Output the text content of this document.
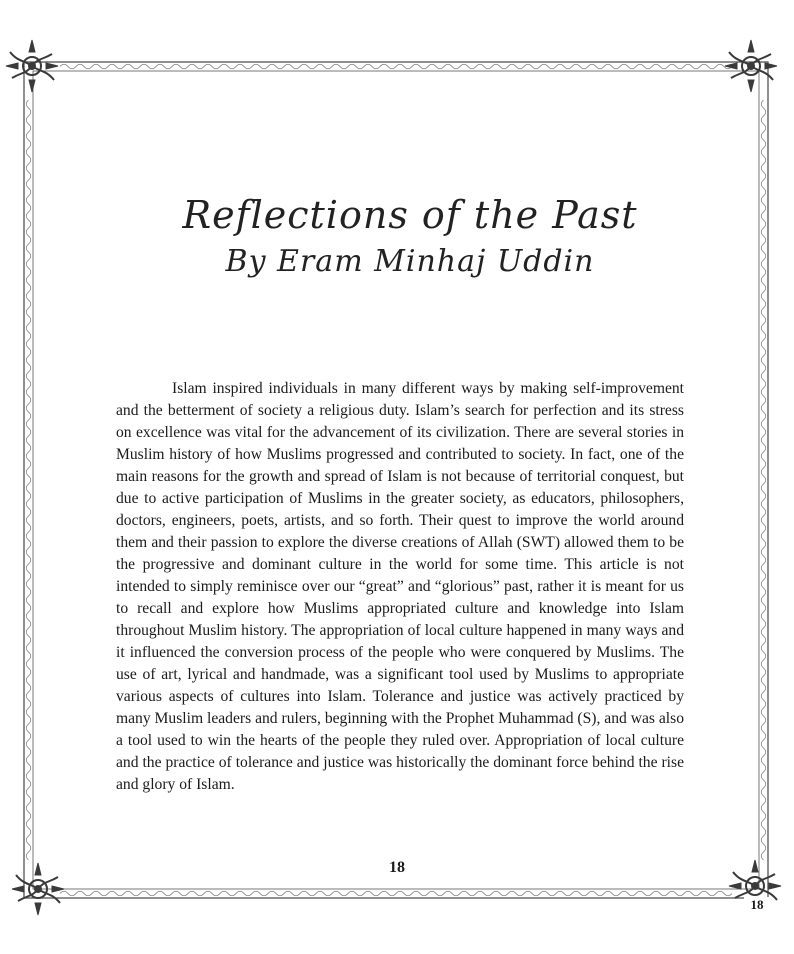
Reflections of the Past

By Eram Minhaj Uddin

Islam inspired individuals in many different ways by making self-improvement and the betterment of society a religious duty. Islam’s search for perfection and its stress on excellence was vital for the advancement of its civilization. There are several stories in Muslim history of how Muslims progressed and contributed to society. In fact, one of the main reasons for the growth and spread of Islam is not because of territorial conquest, but due to active participation of Muslims in the greater society, as educators, philosophers, doctors, engineers, poets, artists, and so forth. Their quest to improve the world around them and their passion to explore the diverse creations of Allah (SWT) allowed them to be the progressive and dominant culture in the world for some time. This article is not intended to simply reminisce over our “great” and “glorious” past, rather it is meant for us to recall and explore how Muslims appropriated culture and knowledge into Islam throughout Muslim history. The appropriation of local culture happened in many ways and it influenced the conversion process of the people who were conquered by Muslims. The use of art, lyrical and handmade, was a significant tool used by Muslims to appropriate various aspects of cultures into Islam. Tolerance and justice was actively practiced by many Muslim leaders and rulers, beginning with the Prophet Muhammad (S), and was also a tool used to win the hearts of the people they ruled over. Appropriation of local culture and the practice of tolerance and justice was historically the dominant force behind the rise and glory of Islam.

18
18
